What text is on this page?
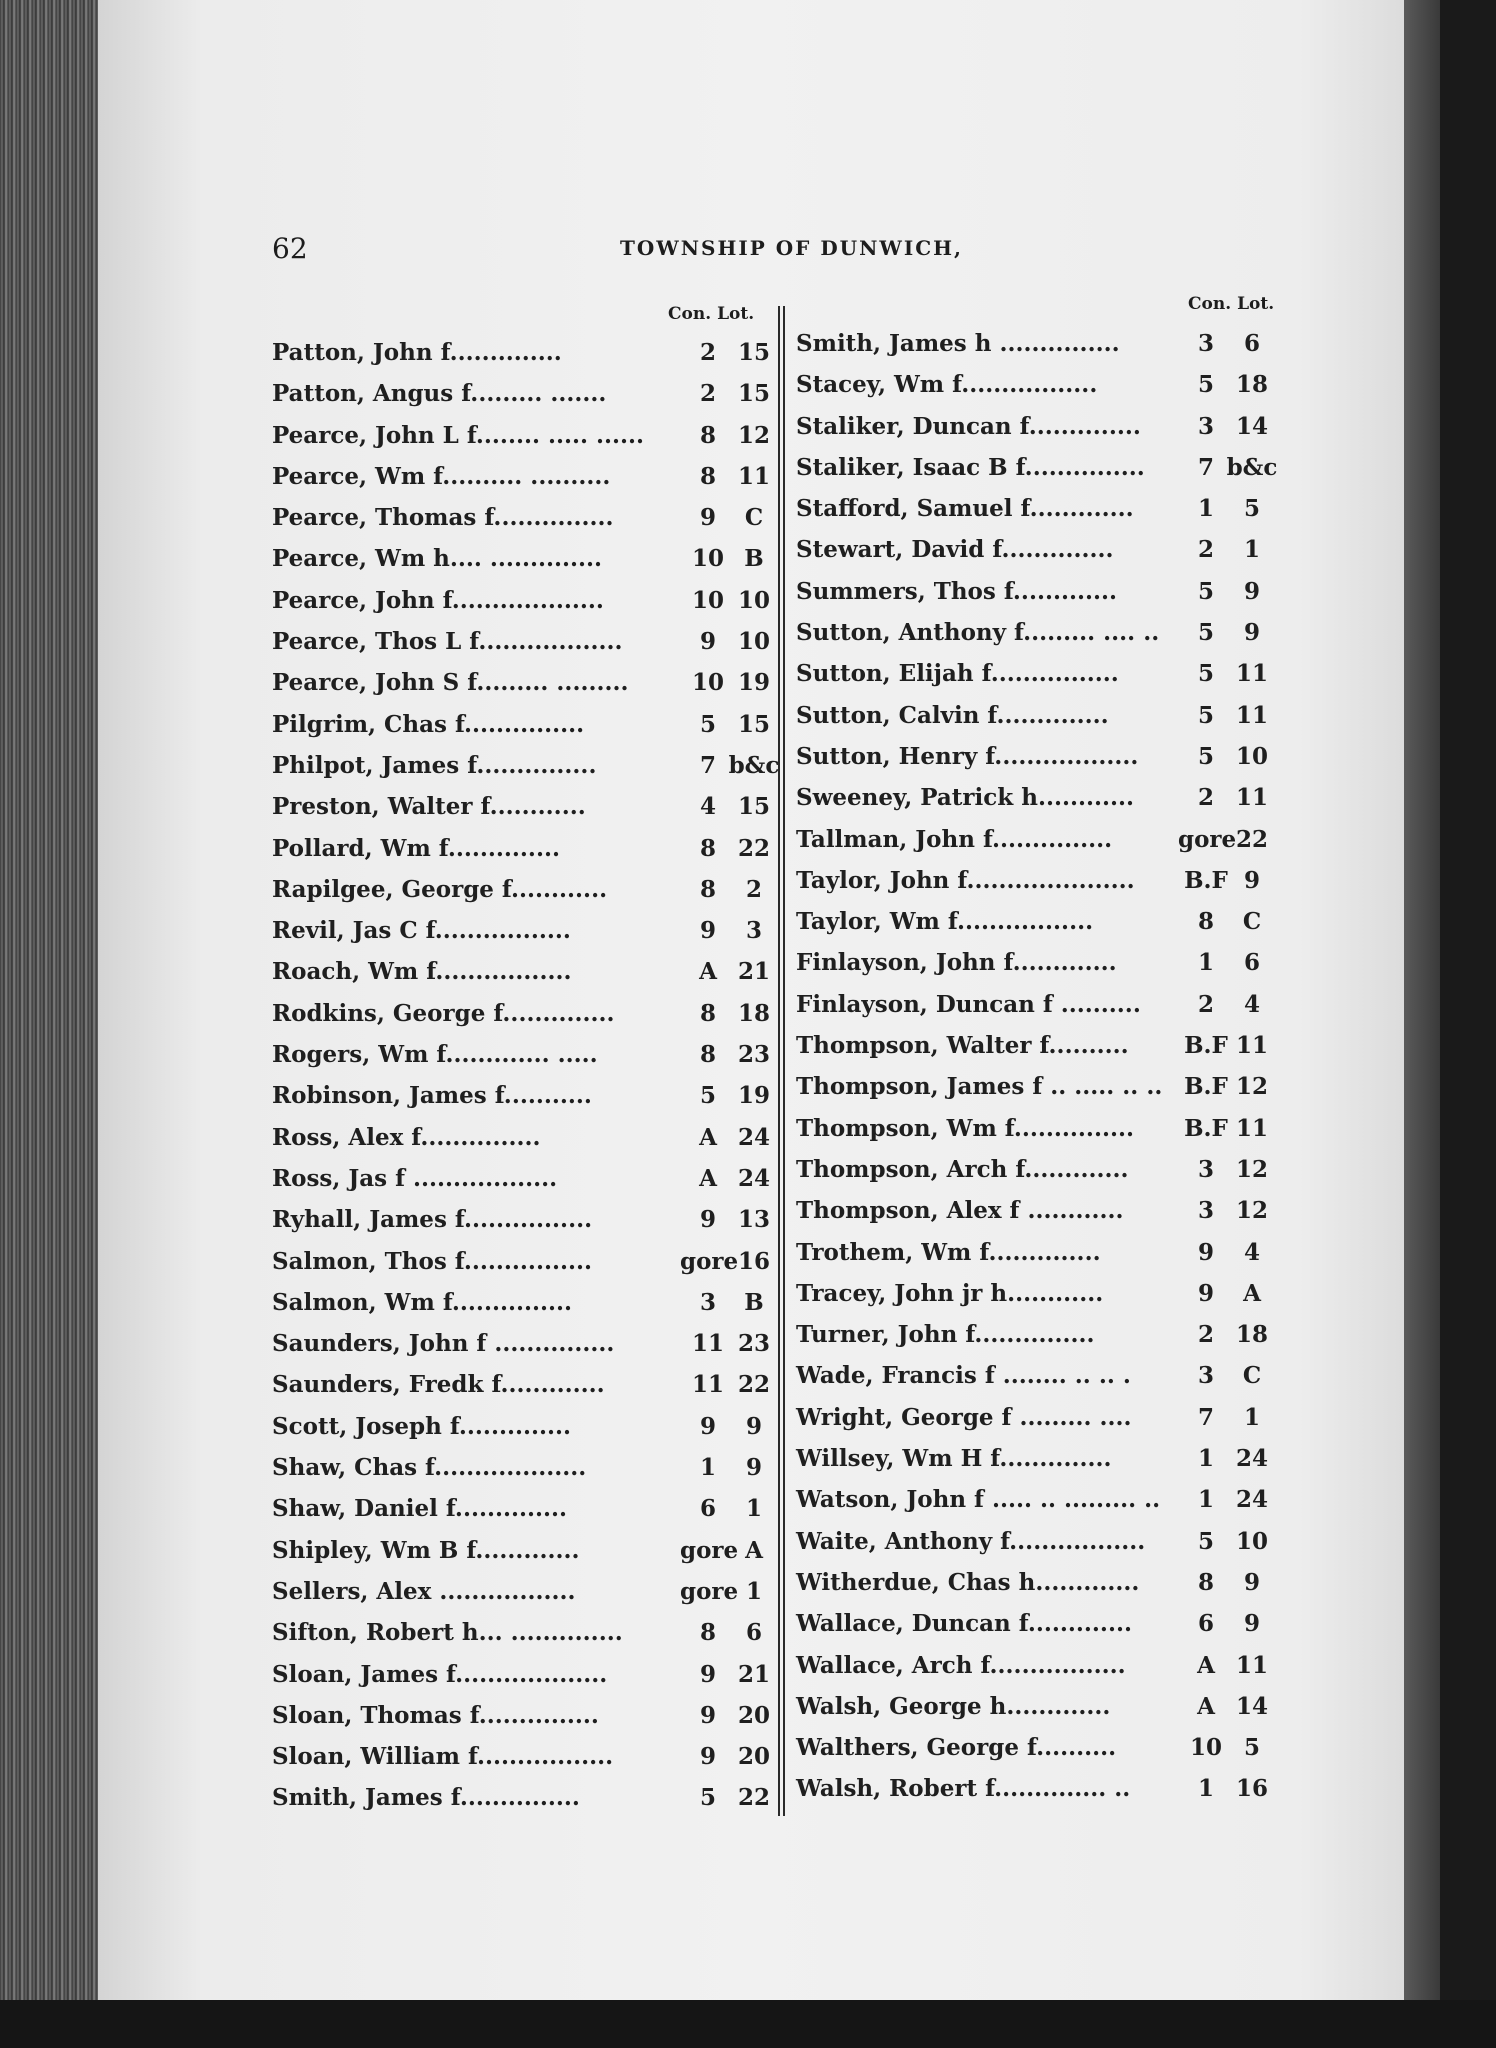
62	TOWNSHIP OF DUNWICH,
Con. Lot.	Con. Lot.
Patton, John f..............	2 15
Patton, Angus f......... .......	2 15
Pearce, John L f........ ..... ......	8 12
Pearce, Wm f.......... ..........	8 11
Pearce, Thomas f...............	9	C
Pearce, Wm h.... ..............	10 B
Pearce, John f...................	10 10
Pearce, Thos L f..................	9 10
Pearce, John S f......... .........	10 19
Pilgrim, Chas f...............	5 15
Philpot, James f...............	7 b&c
Preston, Walter f............	4 15
Pollard, Wm f..............	8 22
Rapilgee, George f............	8	2
Revil, Jas C f.................	9	3
Roach, Wm f.................	A 21
Rodkins, George f..............	8 18
Rogers, Wm f............. .....	8 23
Robinson, James f...........	5 19
Ross, Alex f...............	A 24
Ross, Jas f ..................	A 24
Ryhall, James f................	9 13
Salmon, Thos f................	gore 16
Salmon, Wm f...............	3	B
Saunders, John f ...............	11 23
Saunders, Fredk f.............	11 22
Scott, Joseph f..............	9	9
Shaw, Chas f...................	1	9
Shaw, Daniel f..............	6	1
Shipley, Wm B f.............	gore A
Sellers, Alex .................	gore 1
Sifton, Robert h... ..............	8	6
Sloan, James f...................	9 21
Sloan, Thomas f...............	9 20
Sloan, William f.................	9 20
Smith, James f...............	5 22
Smith, James h ...............	3	6
Stacey, Wm f.................	5 18
Staliker, Duncan f..............	3 14
Staliker, Isaac B f...............	7 b&c
Stafford, Samuel f.............	1	5
Stewart, David f..............	2	1
Summers, Thos f.............	5	9
Sutton, Anthony f......... .... ..	5	9
Sutton, Elijah f................	5 11
Sutton, Calvin f..............	5 11
Sutton, Henry f..................	5 10
Sweeney, Patrick h............	2 11
Tallman, John f...............	gore 22
Taylor, John f.....................	B.F 9
Taylor, Wm f.................	8	C
Finlayson, John f.............	1	6
Finlayson, Duncan f ..........	2	4
Thompson, Walter f..........	B.F 11
Thompson, James f .. ..... .. .. B.F 12
Thompson, Wm f...............	B.F 11
Thompson, Arch f.............	3 12
Thompson, Alex f ............	3 12
Trothem, Wm f..............	9	4
Tracey, John jr h............	9	A
Turner, John f...............	2 18
Wade, Francis f ........ .. .. .	3	C
Wright, George f ......... ....	7	1
Willsey, Wm H f..............	1 24
Watson, John f ..... .. ......... ..	1 24
Waite, Anthony f.................	5 10
Witherdue, Chas h.............	8	9
Wallace, Duncan f.............	6	9
Wallace, Arch f.................	A 11
Walsh, George h.............	A 14
Walthers, George f..........	10 5
Walsh, Robert f.............. ..	1 16
